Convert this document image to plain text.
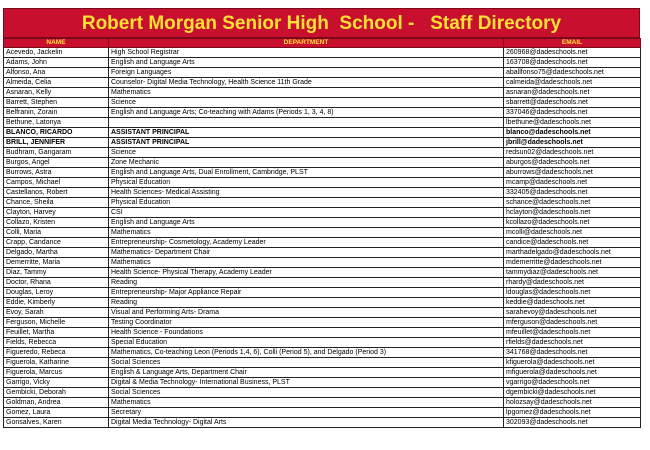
Robert Morgan Senior High  School -   Staff Directory
NAME	DEPARTMENT	EMAIL
Acevedo, Jackelin	High School Registrar	260968@dadeschools.net
Adams, John	English and Language Arts	163708@dadeschools.net
Alfonso, Ana	Foreign Languages	aballfonso75@dadeschools.net
Almeida, Celia	Counselor- Digital Media Technology, Health Science 11th Grade	calmeida@dadeschools.net
Asnaran, Kelly	Mathematics	asnaran@dadeschools.net
Barrett, Stephen	Science	sbarrett@dadeschools.net
Belfranin, Zorain	English and Language Arts; Co-teaching with Adams (Periods 1, 3, 4, 8)	337046@dadeschools.net
Bethune, Latonya		lbethune@dadeschools.net
BLANCO, RICARDO	ASSISTANT PRINCIPAL	blanco@dadeschools.net
BRILL, JENNIFER	ASSISTANT PRINCIPAL	jbrill@dadeschools.net
Budhram, Gangaram	Science	redsun02@dadeschools.net
Burgos, Angel	Zone Mechanic	aburgos@dadeschools.net
Burrows, Astra	English and Language Arts, Dual Enrollment, Cambridge, PLST	aburrows@dadeschools.net
Campos, Michael	Physical Education	mcamp@dadeschools.net
Castellanos, Robert	Health Sciences- Medical Assisting	332405@dadeschools.net
Chance, Sheila	Physical Education	schance@dadeschools.net
Clayton, Harvey	CSI	hclayton@dadeschools.net
Collazo, Kristen	English and Language Arts	kcollazo@dadeschools.net
Colli, Maria	Mathematics	mcolli@dadeschools.net
Crapp, Candance	Entrepreneurship- Cosmetology, Academy Leader	candice@dadeschools.net
Delgado, Martha	Mathematics- Department Chair	marthadelgado@dadeschools.net
Demerritte, Maria	Mathematics	mdemerritte@dadeschools.net
Diaz, Tammy	Health Science- Physical Therapy, Academy Leader	tammydiaz@dadeschools.net
Doctor, Rhana	Reading	rhardy@dadeschools.net
Douglas, Leroy	Entrepreneurship- Major Appliance Repair	ldouglas@dadeschools.net
Eddie, Kimberly	Reading	keddie@dadeschools.net
Evoy, Sarah	Visual and Performing Arts- Drama	sarahevoy@dadeschools.net
Ferguson, Michelle	Testing Coordinator	mferguson@dadeschools.net
Feuillet, Martha	Health Science - Foundations	mfeuillet@dadeschools.net
Fields, Rebecca	Special Education	rfields@dadeschools.net
Figueredo, Rebeca	Mathematics, Co-teaching Leon (Periods 1,4, 6), Colli (Period 5), and Delgado (Period 3)	341768@dadeschools.net
Figuerola, Katharine	Social Sciences	kfiguerola@dadeschools.net
Figuerola, Marcus	English & Language Arts, Department Chair	mfiguerola@dadeschools.net
Garrigo, Vicky	Digital & Media Technology- International Business, PLST	vgarrigo@dadeschools.net
Gembicki, Deborah	Social Sciences	dgembicki@dadeschools.net
Goldman, Andrea	Mathematics	holozsay@dadeschools.net
Gomez, Laura	Secretary	lpgomez@dadeschools.net
Gonsalves, Karen	Digital Media Technology- Digital Arts	302093@dadeschools.net
